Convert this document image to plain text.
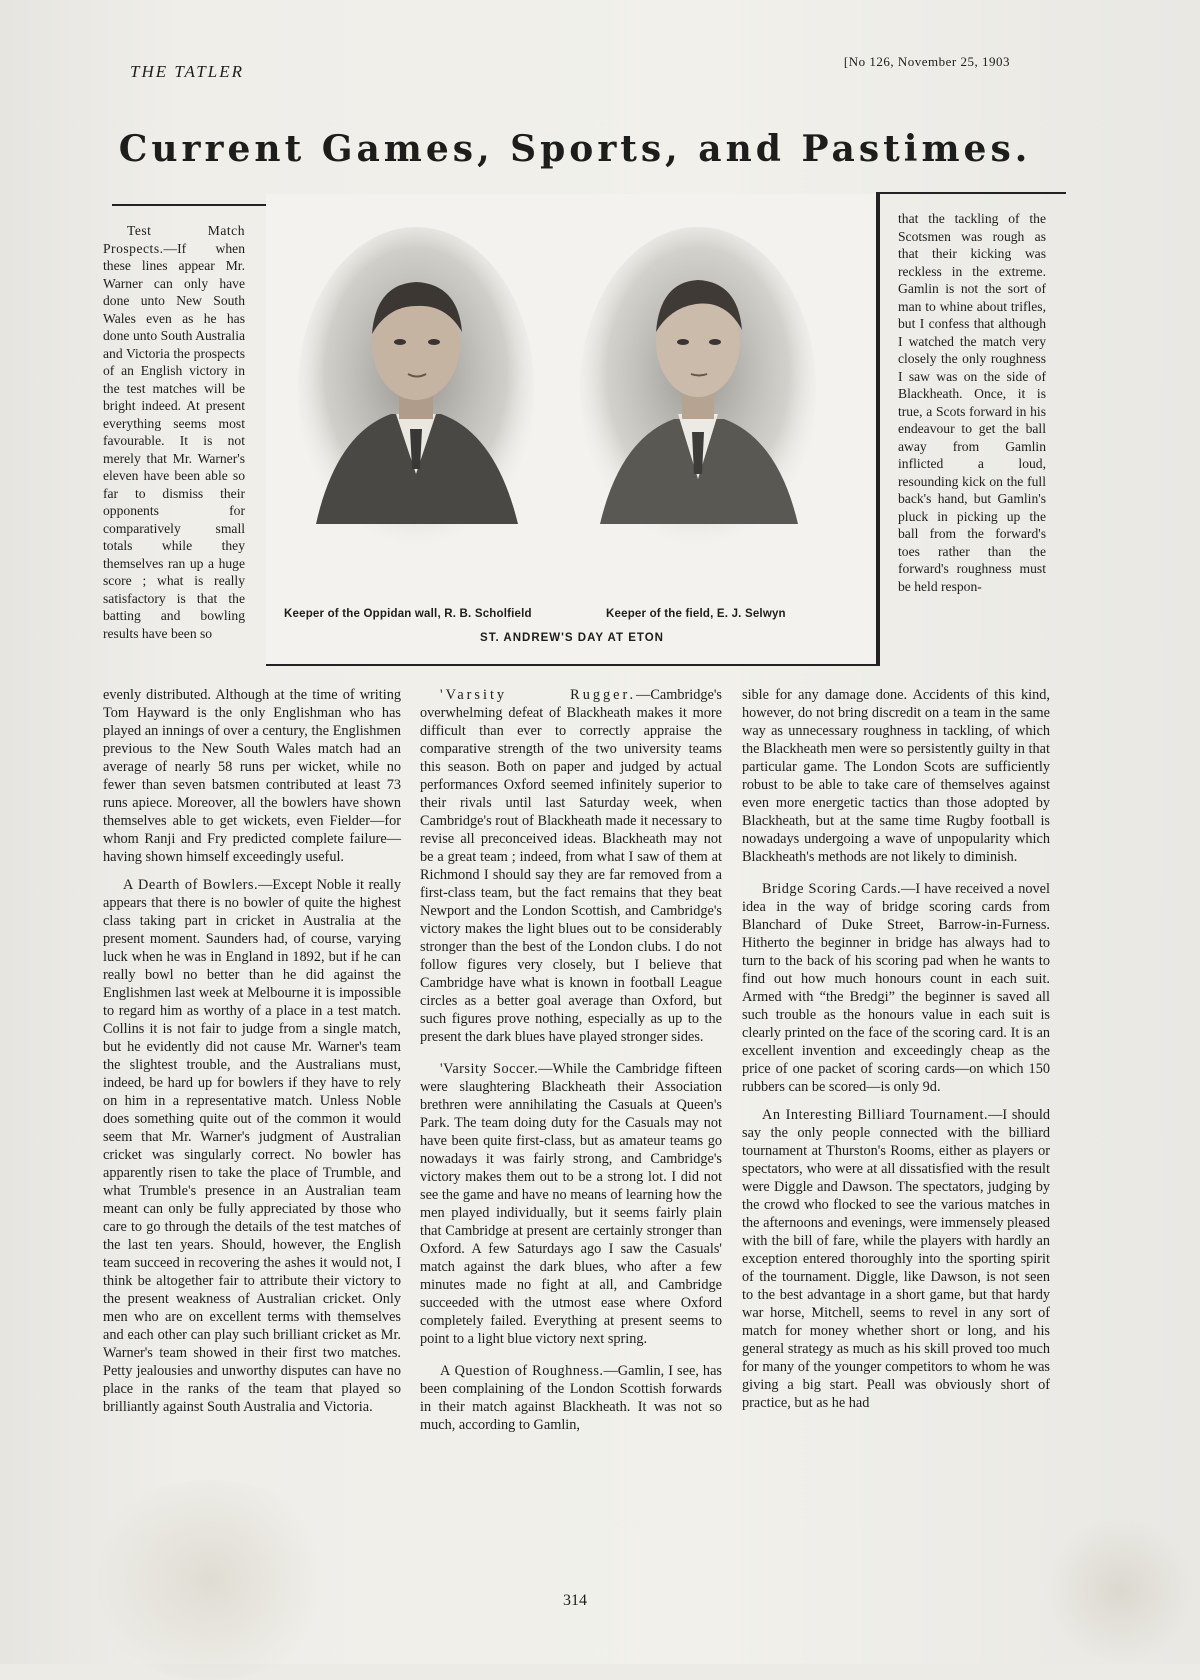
THE TATLER
[No 126, November 25, 1903
Current Games, Sports, and Pastimes.
Keeper of the Oppidan wall, R. B. Scholfield	Keeper of the field, E. J. Selwyn
ST. ANDREW'S DAY AT ETON

Test Match Prospects.—If when these lines appear Mr. Warner can only have done unto New South Wales even as he has done unto South Australia and Victoria the prospects of an English victory in the test matches will be bright indeed. At present everything seems most favourable. It is not merely that Mr. Warner's eleven have been able so far to dismiss their opponents for comparatively small totals while they themselves ran up a huge score ; what is really satisfactory is that the batting and bowling results have been so

evenly distributed. Although at the time of writing Tom Hayward is the only Englishman who has played an innings of over a century, the Englishmen previous to the New South Wales match had an average of nearly 58 runs per wicket, while no fewer than seven batsmen contributed at least 73 runs apiece. Moreover, all the bowlers have shown themselves able to get wickets, even Fielder—for whom Ranji and Fry predicted complete failure—having shown himself exceedingly useful.

A Dearth of Bowlers.—Except Noble it really appears that there is no bowler of quite the highest class taking part in cricket in Australia at the present moment. Saunders had, of course, varying luck when he was in England in 1892, but if he can really bowl no better than he did against the Englishmen last week at Melbourne it is impossible to regard him as worthy of a place in a test match. Collins it is not fair to judge from a single match, but he evidently did not cause Mr. Warner's team the slightest trouble, and the Australians must, indeed, be hard up for bowlers if they have to rely on him in a representative match. Unless Noble does something quite out of the common it would seem that Mr. Warner's judgment of Australian cricket was singularly correct. No bowler has apparently risen to take the place of Trumble, and what Trumble's presence in an Australian team meant can only be fully appreciated by those who care to go through the details of the test matches of the last ten years. Should, however, the English team succeed in recovering the ashes it would not, I think be altogether fair to attribute their victory to the present weakness of Australian cricket. Only men who are on excellent terms with themselves and each other can play such brilliant cricket as Mr. Warner's team showed in their first two matches. Petty jealousies and unworthy disputes can have no place in the ranks of the team that played so brilliantly against South Australia and Victoria.

'Varsity Rugger.—Cambridge's overwhelming defeat of Blackheath makes it more difficult than ever to correctly appraise the comparative strength of the two university teams this season. Both on paper and judged by actual performances Oxford seemed infinitely superior to their rivals until last Saturday week, when Cambridge's rout of Blackheath made it necessary to revise all preconceived ideas. Blackheath may not be a great team ; indeed, from what I saw of them at Richmond I should say they are far removed from a first-class team, but the fact remains that they beat Newport and the London Scottish, and Cambridge's victory makes the light blues out to be considerably stronger than the best of the London clubs. I do not follow figures very closely, but I believe that Cambridge have what is known in football League circles as a better goal average than Oxford, but such figures prove nothing, especially as up to the present the dark blues have played stronger sides.

'Varsity Soccer.—While the Cambridge fifteen were slaughtering Blackheath their Association brethren were annihilating the Casuals at Queen's Park. The team doing duty for the Casuals may not have been quite first-class, but as amateur teams go nowadays it was fairly strong, and Cambridge's victory makes them out to be a strong lot. I did not see the game and have no means of learning how the men played individually, but it seems fairly plain that Cambridge at present are certainly stronger than Oxford. A few Saturdays ago I saw the Casuals' match against the dark blues, who after a few minutes made no fight at all, and Cambridge succeeded with the utmost ease where Oxford completely failed. Everything at present seems to point to a light blue victory next spring.

A Question of Roughness.—Gamlin, I see, has been complaining of the London Scottish forwards in their match against Blackheath. It was not so much, according to Gamlin,

that the tackling of the Scotsmen was rough as that their kicking was reckless in the extreme. Gamlin is not the sort of man to whine about trifles, but I confess that although I watched the match very closely the only roughness I saw was on the side of Blackheath. Once, it is true, a Scots forward in his endeavour to get the ball away from Gamlin inflicted a loud, resounding kick on the full back's hand, but Gamlin's pluck in picking up the ball from the forward's toes rather than the forward's roughness must be held respon-

sible for any damage done. Accidents of this kind, however, do not bring discredit on a team in the same way as unnecessary roughness in tackling, of which the Blackheath men were so persistently guilty in that particular game. The London Scots are sufficiently robust to be able to take care of themselves against even more energetic tactics than those adopted by Blackheath, but at the same time Rugby football is nowadays undergoing a wave of unpopularity which Blackheath's methods are not likely to diminish.

Bridge Scoring Cards.—I have received a novel idea in the way of bridge scoring cards from Blanchard of Duke Street, Barrow-in-Furness. Hitherto the beginner in bridge has always had to turn to the back of his scoring pad when he wants to find out how much honours count in each suit. Armed with “the Bredgi” the beginner is saved all such trouble as the honours value in each suit is clearly printed on the face of the scoring card. It is an excellent invention and exceedingly cheap as the price of one packet of scoring cards—on which 150 rubbers can be scored—is only 9d.

An Interesting Billiard Tournament.—I should say the only people connected with the billiard tournament at Thurston's Rooms, either as players or spectators, who were at all dissatisfied with the result were Diggle and Dawson. The spectators, judging by the crowd who flocked to see the various matches in the afternoons and evenings, were immensely pleased with the bill of fare, while the players with hardly an exception entered thoroughly into the sporting spirit of the tournament. Diggle, like Dawson, is not seen to the best advantage in a short game, but that hardy war horse, Mitchell, seems to revel in any sort of match for money whether short or long, and his general strategy as much as his skill proved too much for many of the younger competitors to whom he was giving a big start. Peall was obviously short of practice, but as he had

314
